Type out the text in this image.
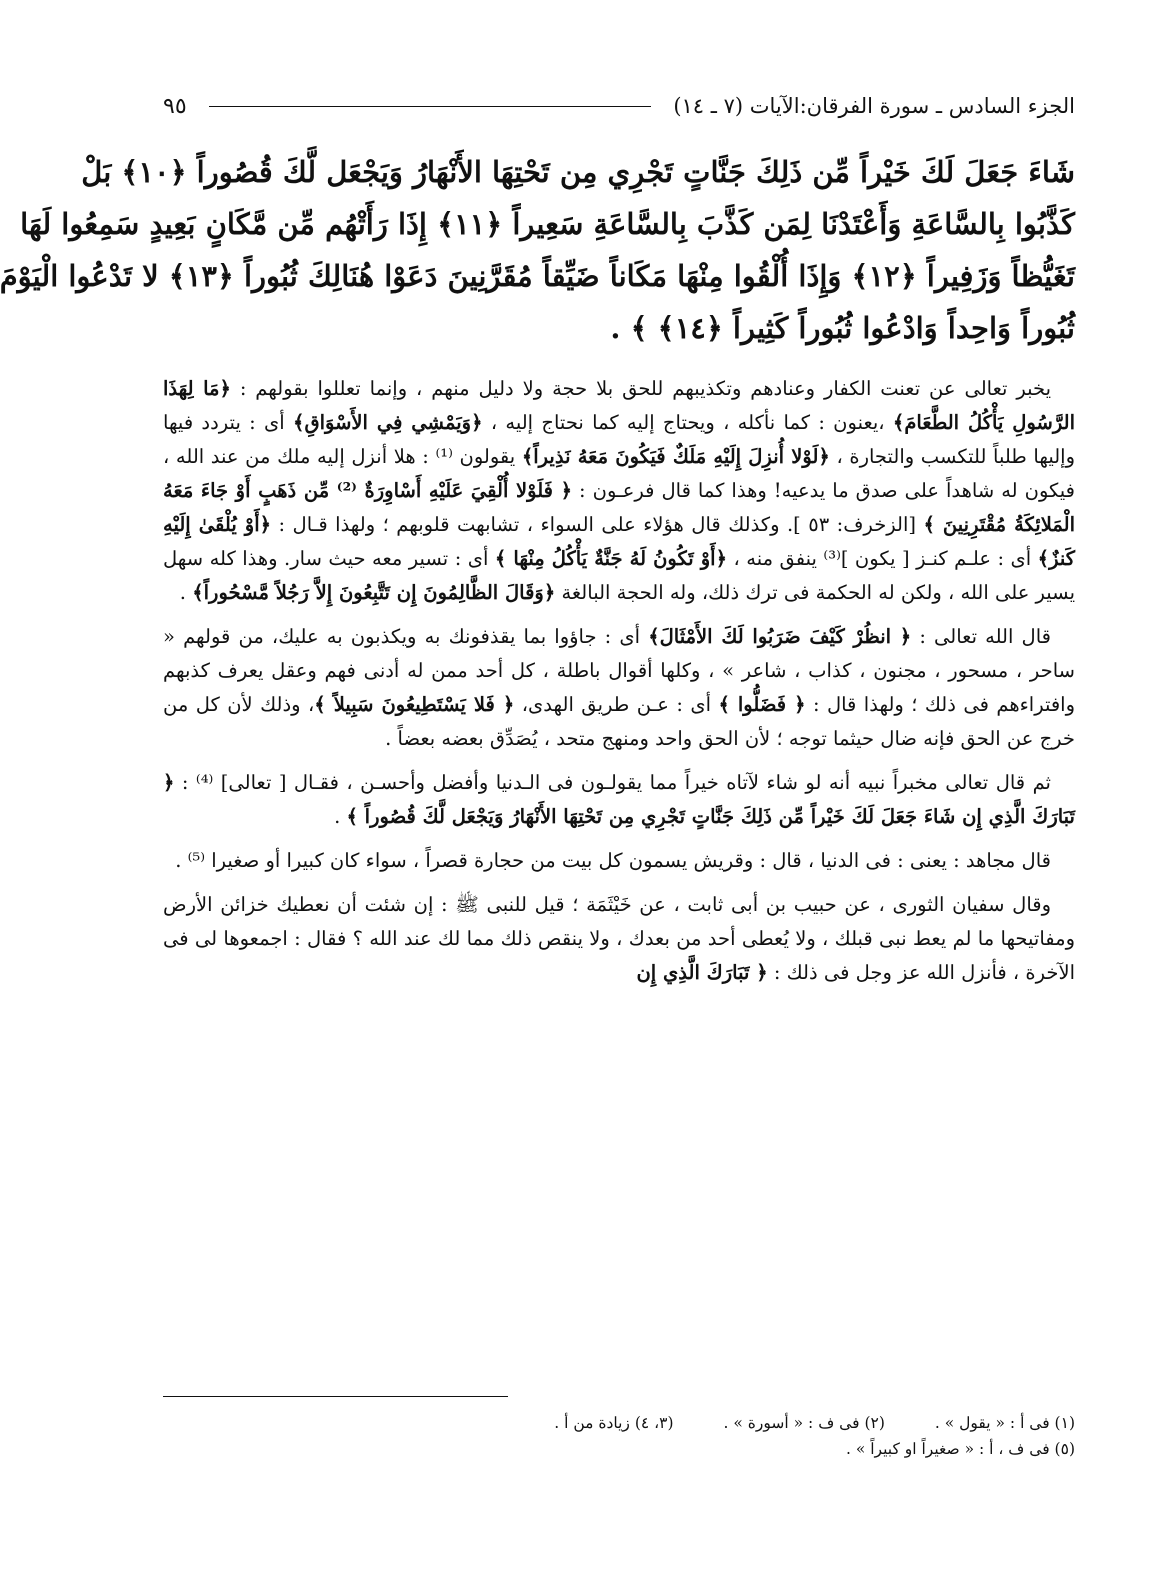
الجزء السادس ـ سورة الفرقان:الآيات (٧ ـ ١٤)
٩٥
شَاءَ جَعَلَ لَكَ خَيْراً مِّن ذَلِكَ جَنَّاتٍ تَجْرِي مِن تَحْتِهَا الأَنْهَارُ وَيَجْعَل لَّكَ قُصُوراً ﴿١٠﴾ بَلْ
كَذَّبُوا بِالسَّاعَةِ وَأَعْتَدْنَا لِمَن كَذَّبَ بِالسَّاعَةِ سَعِيراً ﴿١١﴾ إِذَا رَأَتْهُم مِّن مَّكَانٍ بَعِيدٍ سَمِعُوا لَهَا
تَغَيُّظاً وَزَفِيراً ﴿١٢﴾ وَإِذَا أُلْقُوا مِنْهَا مَكَاناً ضَيِّقاً مُقَرَّنِينَ دَعَوْا هُنَالِكَ ثُبُوراً ﴿١٣﴾ لا تَدْعُوا الْيَوْمَ
ثُبُوراً وَاحِداً وَادْعُوا ثُبُوراً كَثِيراً ﴿١٤﴾ ﴾ .

يخبر تعالى عن تعنت الكفار وعنادهم وتكذيبهم للحق بلا حجة ولا دليل منهم ، وإنما تعللوا بقولهم : ﴿مَا لِهَذَا الرَّسُولِ يَأْكُلُ الطَّعَامَ﴾ ،يعنون : كما نأكله ، ويحتاج إليه كما نحتاج إليه ، ﴿وَيَمْشِي فِي الأَسْوَاقِ﴾ أى : يتردد فيها وإليها طلباً للتكسب والتجارة ، ﴿لَوْلا أُنزِلَ إِلَيْهِ مَلَكٌ فَيَكُونَ مَعَهُ نَذِيراً﴾ يقولون ⁽¹⁾ : هلا أنزل إليه ملك من عند الله ، فيكون له شاهداً على صدق ما يدعيه! وهذا كما قال فرعـون : ﴿ فَلَوْلا أُلْقِيَ عَلَيْهِ أَسْاوِرَةٌ ⁽²⁾ مِّن ذَهَبٍ أَوْ جَاءَ مَعَهُ الْمَلائِكَةُ مُقْتَرِنِينَ ﴾ [الزخرف: ٥٣ ]. وكذلك قال هؤلاء على السواء ، تشابهت قلوبهم ؛ ولهذا قـال : ﴿أَوْ يُلْقَىٰ إِلَيْهِ كَنزٌ﴾ أى : علـم كنـز [ يكون ]⁽³⁾ ينفق منه ، ﴿أَوْ تَكُونُ لَهُ جَنَّةٌ يَأْكُلُ مِنْهَا ﴾ أى : تسير معه حيث سار. وهذا كله سهل يسير على الله ، ولكن له الحكمة فى ترك ذلك، وله الحجة البالغة ﴿وَقَالَ الظَّالِمُونَ إِن تَتَّبِعُونَ إِلاَّ رَجُلاً مَّسْحُوراً﴾ .

قال الله تعالى : ﴿ انظُرْ كَيْفَ ضَرَبُوا لَكَ الأَمْثَالَ﴾ أى : جاؤوا بما يقذفونك به ويكذبون به عليك، من قولهم « ساحر ، مسحور ، مجنون ، كذاب ، شاعر » ، وكلها أقوال باطلة ، كل أحد ممن له أدنى فهم وعقل يعرف كذبهم وافتراءهم فى ذلك ؛ ولهذا قال : ﴿ فَضَلُّوا ﴾ أى : عـن طريق الهدى، ﴿ فَلا يَسْتَطِيعُونَ سَبِيلاً ﴾، وذلك لأن كل من خرج عن الحق فإنه ضال حيثما توجه ؛ لأن الحق واحد ومنهج متحد ، يُصَدِّق بعضه بعضاً .

ثم قال تعالى مخبراً نبيه أنه لو شاء لآتاه خيراً مما يقولـون فى الـدنيا وأفضل وأحسـن ، فقـال [ تعالى] ⁽⁴⁾ : ﴿ تَبَارَكَ الَّذِي إِن شَاءَ جَعَلَ لَكَ خَيْراً مِّن ذَلِكَ جَنَّاتٍ تَجْرِي مِن تَحْتِهَا الأَنْهَارُ وَيَجْعَل لَّكَ قُصُوراً ﴾ .

قال مجاهد : يعنى : فى الدنيا ، قال : وقريش يسمون كل بيت من حجارة قصراً ، سواء كان كبيرا أو صغيرا ⁽⁵⁾ .

وقال سفيان الثورى ، عن حبيب بن أبى ثابت ، عن خَيْثَمَة ؛ قيل للنبى ﷺ : إن شئت أن نعطيك خزائن الأرض ومفاتيحها ما لم يعط نبى قبلك ، ولا يُعطى أحد من بعدك ، ولا ينقص ذلك مما لك عند الله ؟ فقال : اجمعوها لى فى الآخرة ، فأنزل الله عز وجل فى ذلك : ﴿ تَبَارَكَ الَّذِي إِن

(١) فى أ : « يقول » .
(٢) فى ف : « أسورة » .
(٣، ٤) زيادة من أ .
(٥) فى ف ، أ : « صغيراً او كبيراً » .
